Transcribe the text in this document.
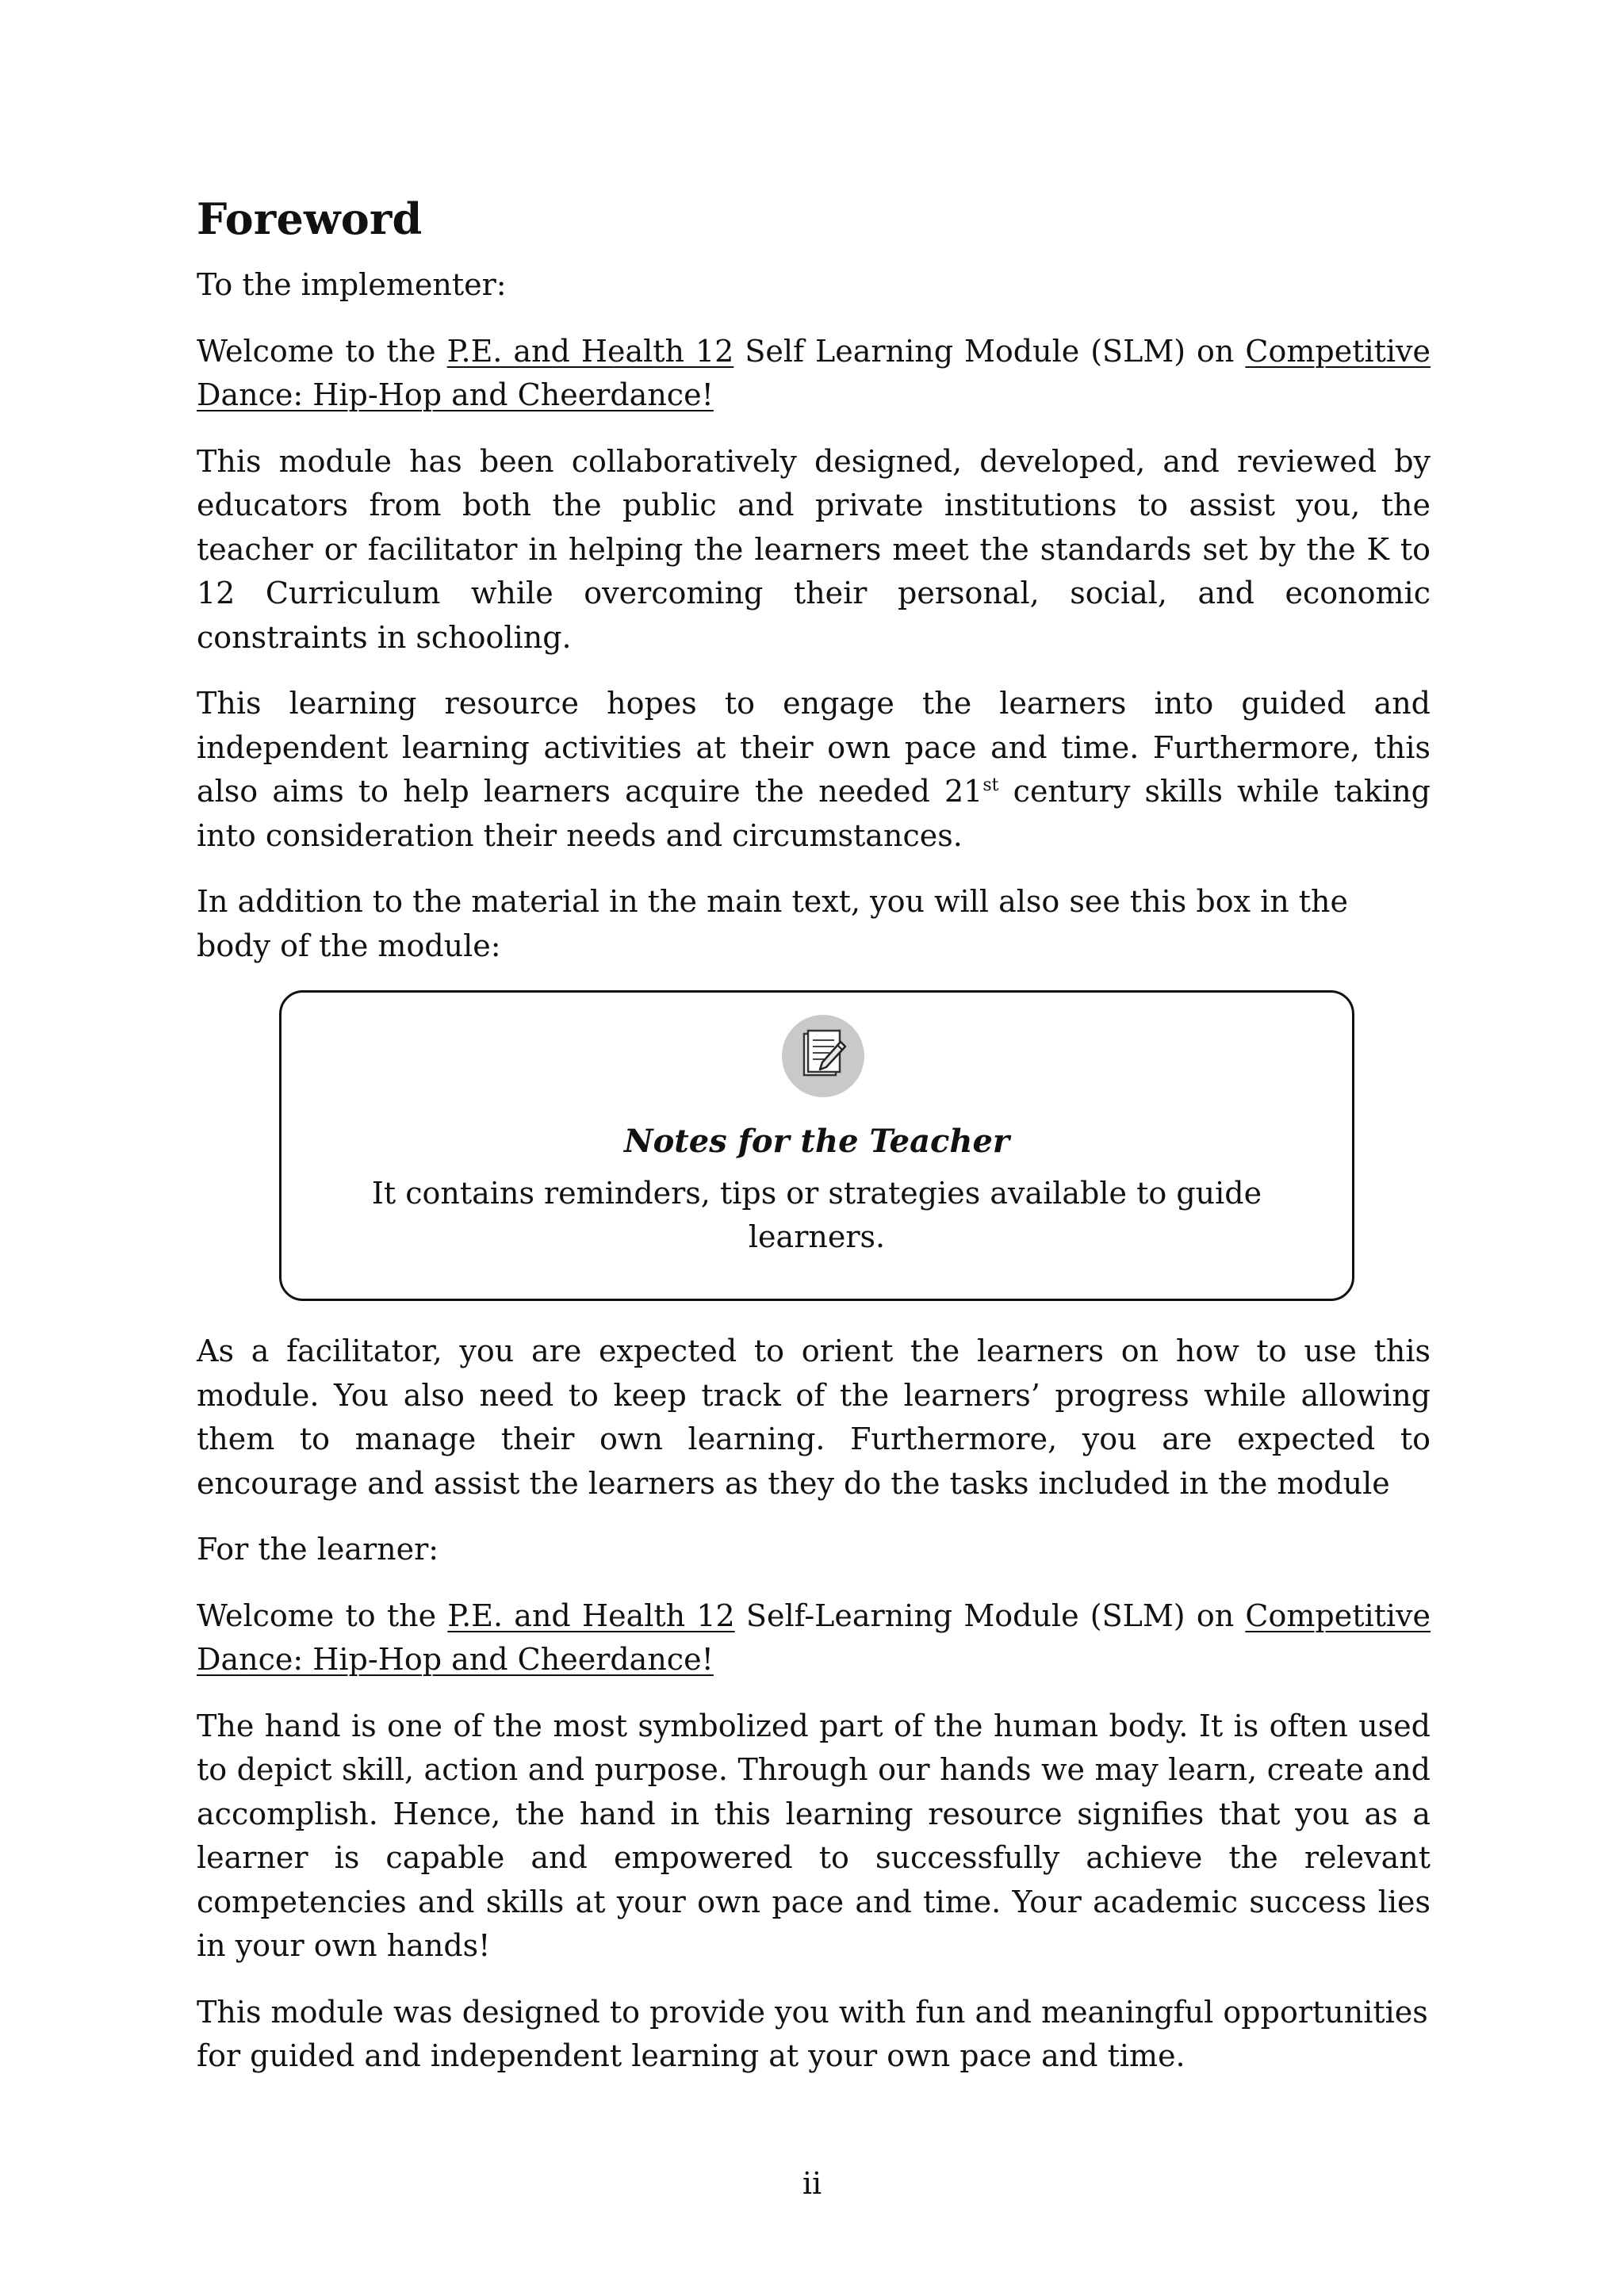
Foreword

To the implementer:

Welcome to the P.E. and Health 12 Self Learning Module (SLM) on Competitive Dance: Hip-Hop and Cheerdance!

This module has been collaboratively designed, developed, and reviewed by educators from both the public and private institutions to assist you, the teacher or facilitator in helping the learners meet the standards set by the K to 12 Curriculum while overcoming their personal, social, and economic constraints in schooling.

This learning resource hopes to engage the learners into guided and independent learning activities at their own pace and time. Furthermore, this also aims to help learners acquire the needed 21st century skills while taking into consideration their needs and circumstances.

In addition to the material in the main text, you will also see this box in the body of the module:

Notes for the Teacher
It contains reminders, tips or strategies available to guide learners.

As a facilitator, you are expected to orient the learners on how to use this module. You also need to keep track of the learners’ progress while allowing them to manage their own learning. Furthermore, you are expected to encourage and assist the learners as they do the tasks included in the module

For the learner:

Welcome to the P.E. and Health 12 Self-Learning Module (SLM) on Competitive Dance: Hip-Hop and Cheerdance!

The hand is one of the most symbolized part of the human body. It is often used to depict skill, action and purpose. Through our hands we may learn, create and accomplish. Hence, the hand in this learning resource signifies that you as a learner is capable and empowered to successfully achieve the relevant competencies and skills at your own pace and time. Your academic success lies in your own hands!

This module was designed to provide you with fun and meaningful opportunities for guided and independent learning at your own pace and time.

ii
